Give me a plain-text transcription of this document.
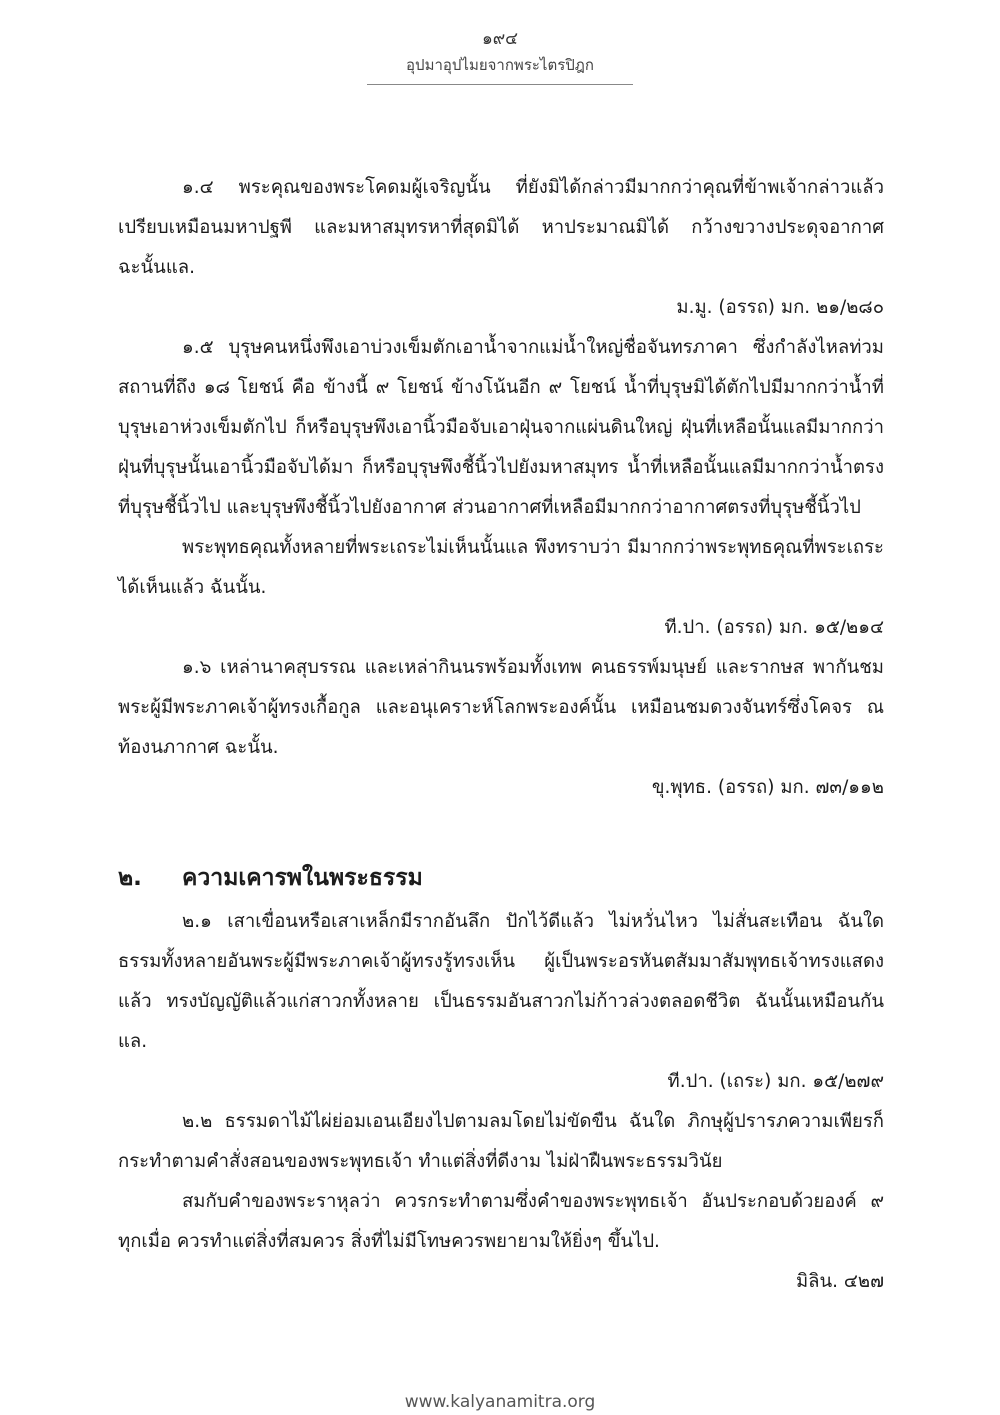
๑๙๔
อุปมาอุปไมยจากพระไตรปิฎก

๑.๔ พระคุณของพระโคดมผู้เจริญนั้น ที่ยังมิได้กล่าวมีมากกว่าคุณที่ข้าพเจ้ากล่าวแล้ว เปรียบเหมือนมหาปฐพี และมหาสมุทรหาที่สุดมิได้ หาประมาณมิได้ กว้างขวางประดุจอากาศ ฉะนั้นแล.

ม.มู. (อรรถ) มก. ๒๑/๒๘๐

๑.๕ บุรุษคนหนึ่งพึงเอาบ่วงเข็มตักเอาน้ำจากแม่น้ำใหญ่ชื่อจันทรภาคา ซึ่งกำลังไหลท่วมสถานที่ถึง ๑๘ โยชน์ คือ ข้างนี้ ๙ โยชน์ ข้างโน้นอีก ๙ โยชน์ น้ำที่บุรุษมิได้ตักไปมีมากกว่าน้ำที่บุรุษเอาห่วงเข็มตักไป ก็หรือบุรุษพึงเอานิ้วมือจับเอาฝุ่นจากแผ่นดินใหญ่ ฝุ่นที่เหลือนั้นแลมีมากกว่าฝุ่นที่บุรุษนั้นเอานิ้วมือจับได้มา ก็หรือบุรุษพึงชี้นิ้วไปยังมหาสมุทร น้ำที่เหลือนั้นแลมีมากกว่าน้ำตรงที่บุรุษชี้นิ้วไป และบุรุษพึงชี้นิ้วไปยังอากาศ ส่วนอากาศที่เหลือมีมากกว่าอากาศตรงที่บุรุษชี้นิ้วไป

พระพุทธคุณทั้งหลายที่พระเถระไม่เห็นนั้นแล พึงทราบว่า มีมากกว่าพระพุทธคุณที่พระเถระได้เห็นแล้ว ฉันนั้น.

ที.ปา. (อรรถ) มก. ๑๕/๒๑๔

๑.๖ เหล่านาคสุบรรณ และเหล่ากินนรพร้อมทั้งเทพ คนธรรพ์มนุษย์ และรากษส พากันชมพระผู้มีพระภาคเจ้าผู้ทรงเกื้อกูล และอนุเคราะห์โลกพระองค์นั้น เหมือนชมดวงจันทร์ซึ่งโคจร ณ ท้องนภากาศ ฉะนั้น.

ขุ.พุทธ. (อรรถ) มก. ๗๓/๑๑๒

๒.	ความเคารพในพระธรรม

๒.๑ เสาเขื่อนหรือเสาเหล็กมีรากอันลึก ปักไว้ดีแล้ว ไม่หวั่นไหว ไม่สั่นสะเทือน ฉันใด ธรรมทั้งหลายอันพระผู้มีพระภาคเจ้าผู้ทรงรู้ทรงเห็น ผู้เป็นพระอรหันตสัมมาสัมพุทธเจ้าทรงแสดงแล้ว ทรงบัญญัติแล้วแก่สาวกทั้งหลาย เป็นธรรมอันสาวกไม่ก้าวล่วงตลอดชีวิต ฉันนั้นเหมือนกันแล.

ที.ปา. (เถระ) มก. ๑๕/๒๗๙

๒.๒ ธรรมดาไม้ไผ่ย่อมเอนเอียงไปตามลมโดยไม่ขัดขืน ฉันใด ภิกษุผู้ปรารภความเพียรก็กระทำตามคำสั่งสอนของพระพุทธเจ้า ทำแต่สิ่งที่ดีงาม ไม่ฝ่าฝืนพระธรรมวินัย

สมกับคำของพระราหุลว่า ควรกระทำตามซึ่งคำของพระพุทธเจ้า อันประกอบด้วยองค์ ๙ ทุกเมื่อ ควรทำแต่สิ่งที่สมควร สิ่งที่ไม่มีโทษควรพยายามให้ยิ่งๆ ขึ้นไป.

มิลิน. ๔๒๗

www.kalyanamitra.org
